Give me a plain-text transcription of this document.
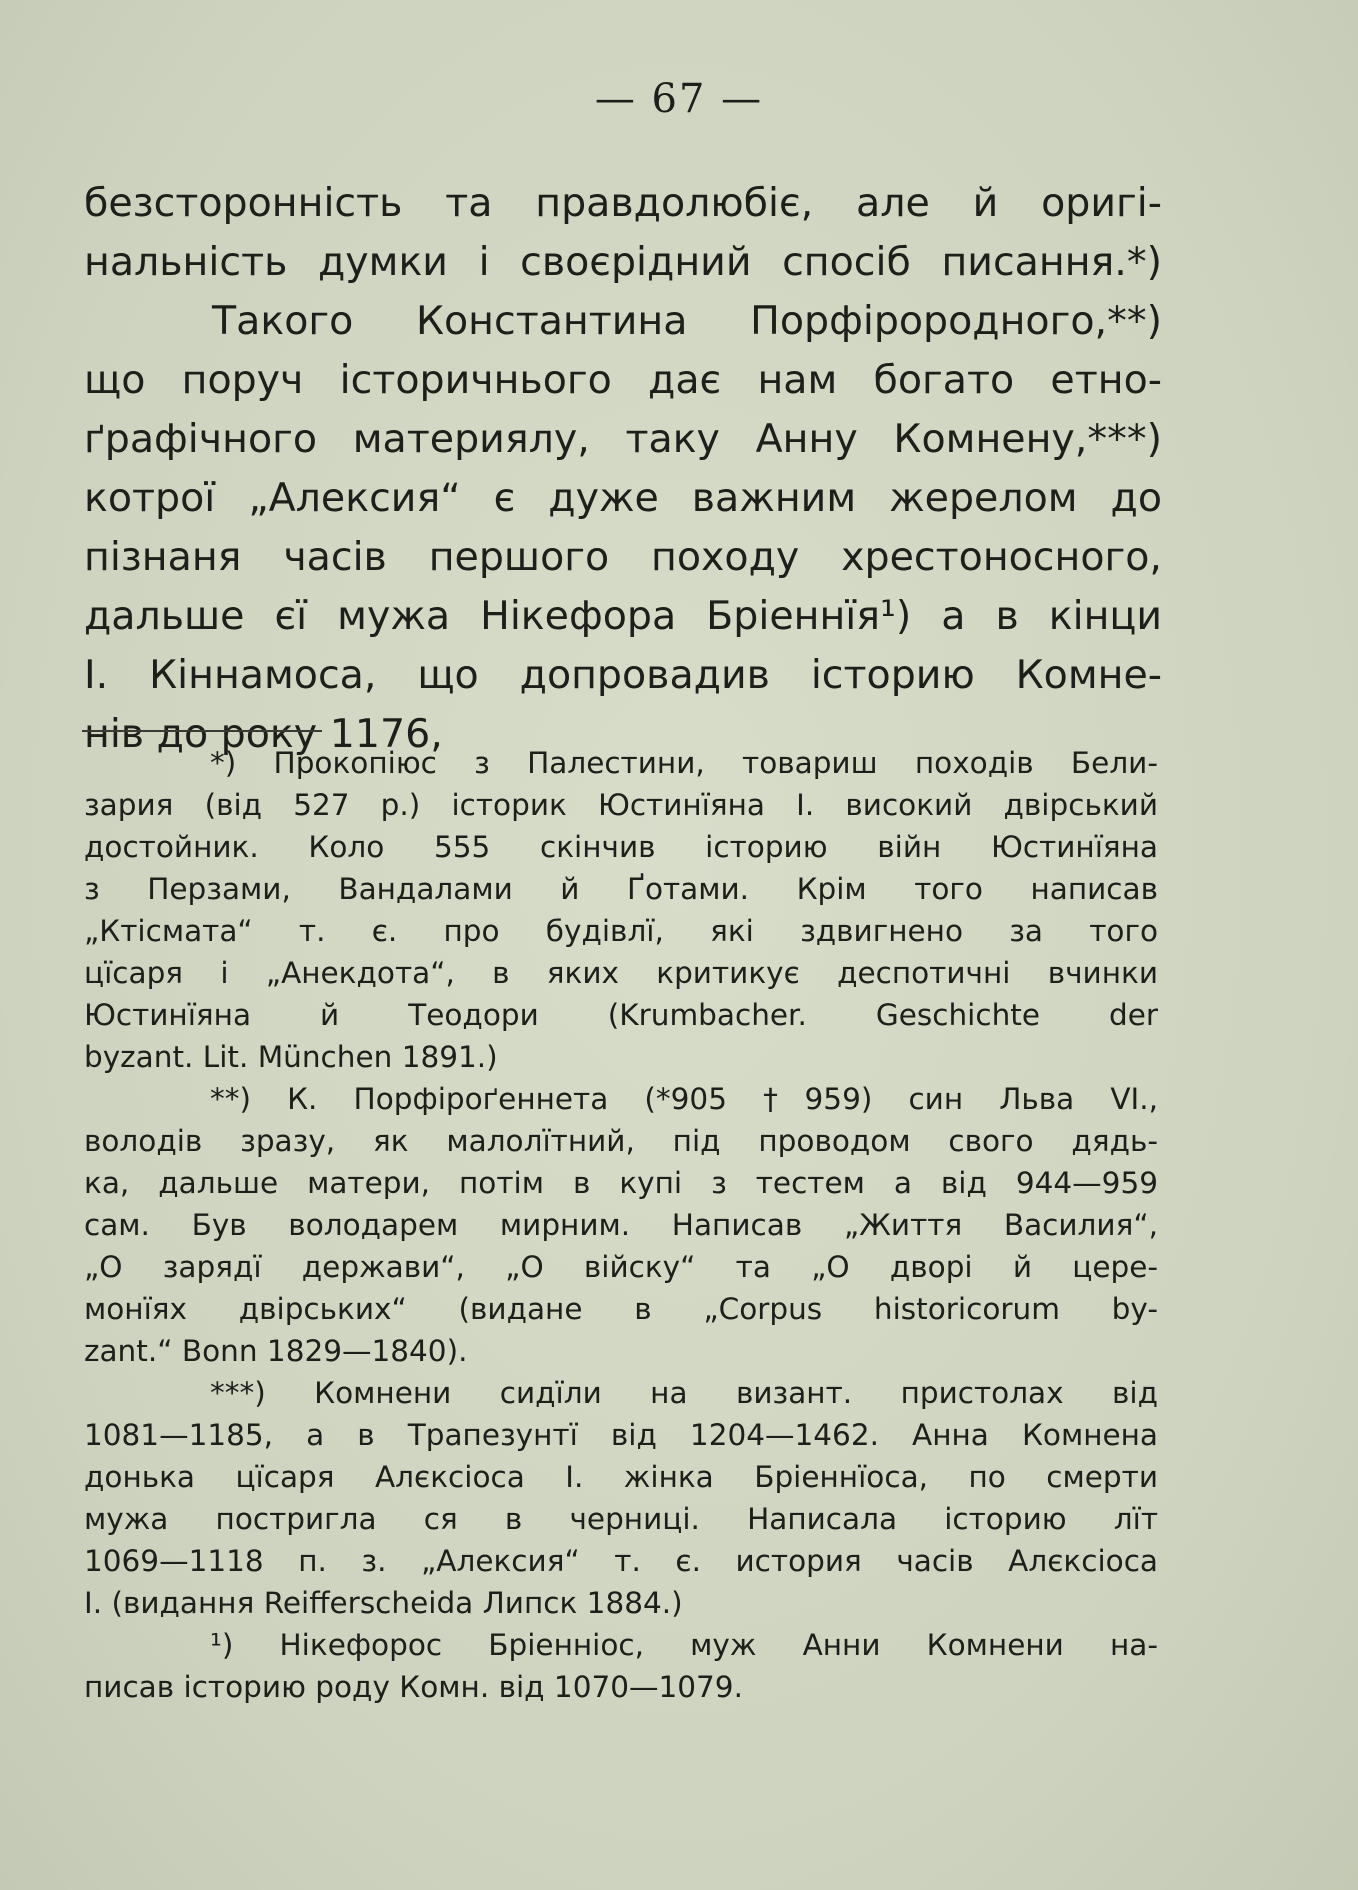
— 67 —
безсторонність та правдолюбіє, але й оригі-
нальність думки і своєрідний спосіб писання.*)
Такого Константина Порфірородного,**)
що поруч історичнього дає нам богато етно-
ґрафічного материялу, таку Анну Комнену,***)
котрої „Алексия“ є дуже важним жерелом до
пізнаня часів першого походу хрестоносного,
дальше єї мужа Нікефора Бріеннїя¹) а в кінци
І. Кіннамоса, що допровадив історию Комне-
нів до року 1176,
*) Прокопіюс з Палестини, товариш походів Бели-
зария (від 527 р.) історик Юстинїяна І. високий двірський
достойник. Коло 555 скінчив історию війн Юстинїяна
з Перзами, Вандалами й Ґотами. Крім того написав
„Ктісмата“ т. є. про будівлї, які здвигнено за того
цїсаря і „Анекдота“, в яких критикує деспотичні вчинки
Юстинїяна й Теодори (Krumbacher. Geschichte der
byzant. Lit. München 1891.)
**) К. Порфіроґеннета (*905 †959) син Льва VI.,
володів зразу, як малолїтний, під проводом свого дядь-
ка, дальше матери, потім в купі з тестем а від 944—959
сам. Був володарем мирним. Написав „Життя Василия“,
„О зарядї держави“, „О війску“ та „О дворі й цере-
монїях двірських“ (видане в „Corpus historicorum by-
zant.“ Bonn 1829—1840).
***) Комнени сидїли на визант. пристолах від
1081—1185, а в Трапезунтї від 1204—1462. Анна Комнена
донька цїсаря Алєксіоса І. жінка Бріеннїоса, по смерти
мужа постригла ся в черниці. Написала історию лїт
1069—1118 п. з. „Алексия“ т. є. история часів Алєксіоса
І. (видання Reifferscheida Липск 1884.)
¹) Нікефорос Бріенніос, муж Анни Комнени на-
писав історию роду Комн. від 1070—1079.
